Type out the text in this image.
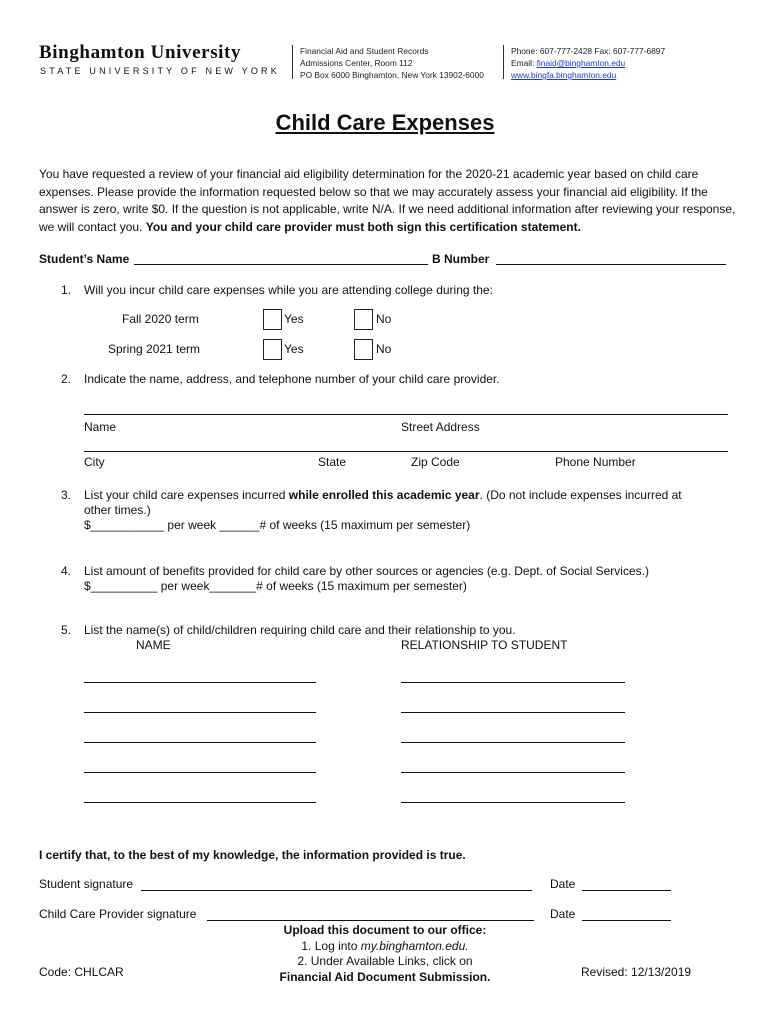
Binghamton University
STATE UNIVERSITY OF NEW YORK
Financial Aid and Student Records
Admissions Center, Room 112
PO Box 6000 Binghamton, New York 13902-6000
Phone: 607-777-2428 Fax: 607-777-6897
Email: finaid@binghamton.edu
www.bingfa.binghamton.edu
Child Care Expenses
You have requested a review of your financial aid eligibility determination for the 2020-21 academic year based on child care expenses. Please provide the information requested below so that we may accurately assess your financial aid eligibility. If the answer is zero, write $0. If the question is not applicable, write N/A. If we need additional information after reviewing your response, we will contact you. You and your child care provider must both sign this certification statement.
Student’s Name	B Number
1. Will you incur child care expenses while you are attending college during the:
Fall 2020 term	Yes	No
Spring 2021 term	Yes	No
2. Indicate the name, address, and telephone number of your child care provider.
Name	Street Address
City	State	Zip Code	Phone Number
3. List your child care expenses incurred while enrolled this academic year. (Do not include expenses incurred at
other times.)
$___________ per week ______# of weeks (15 maximum per semester)
4. List amount of benefits provided for child care by other sources or agencies (e.g. Dept. of Social Services.)
$__________ per week_______# of weeks (15 maximum per semester)
5. List the name(s) of child/children requiring child care and their relationship to you.
NAME	RELATIONSHIP TO STUDENT
I certify that, to the best of my knowledge, the information provided is true.
Student signature	Date
Child Care Provider signature	Date
Code: CHLCAR
Upload this document to our office:
1. Log into my.binghamton.edu.
2. Under Available Links, click on
Financial Aid Document Submission.	Revised: 12/13/2019
